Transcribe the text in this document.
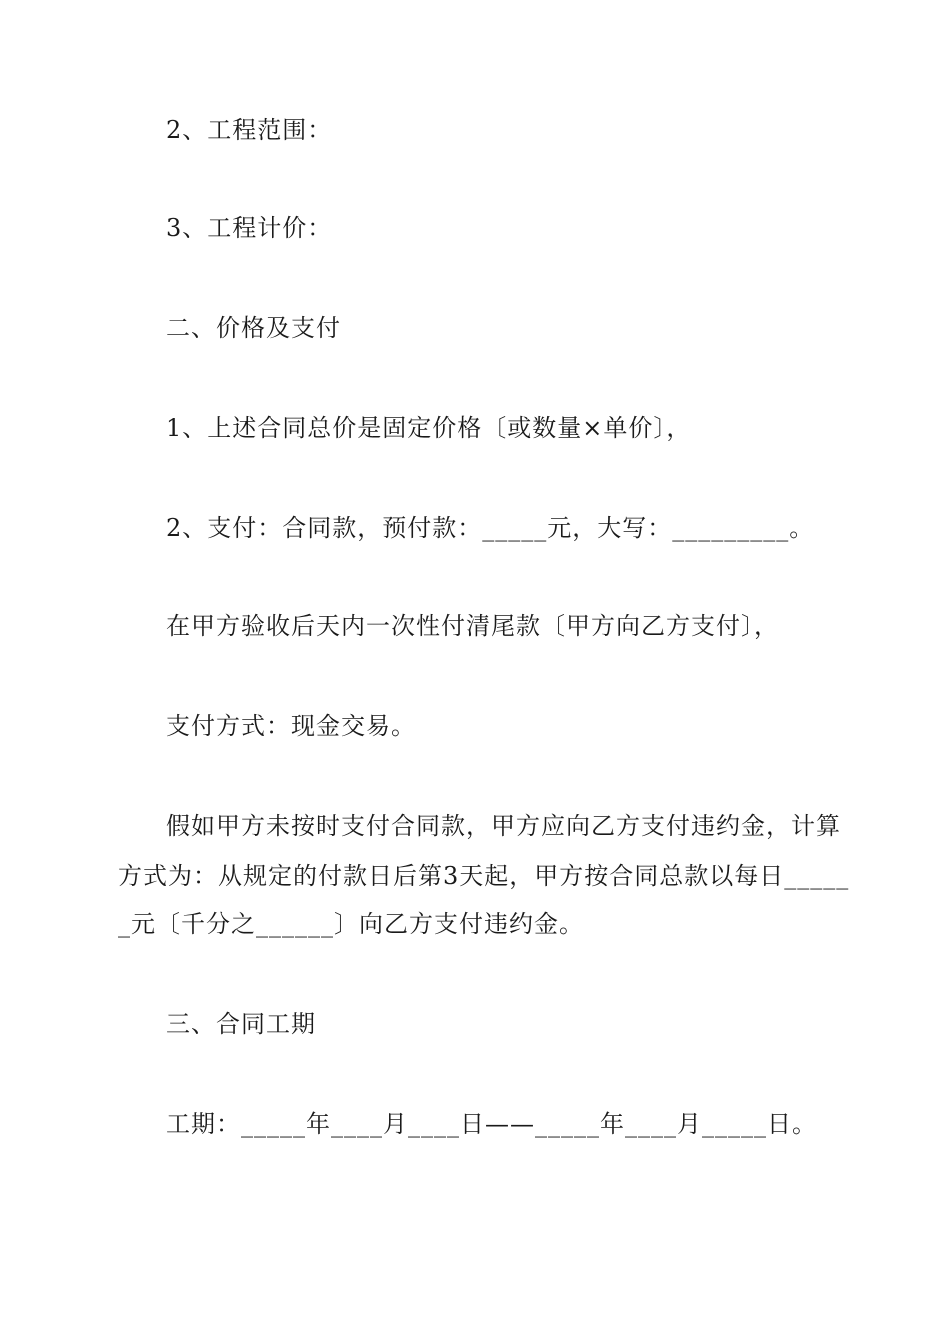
2、工程范围：
3、工程计价：
二、价格及支付
1、上述合同总价是固定价格〔或数量×单价〕，
2、支付：合同款，预付款：_____元，大写：_________。
在甲方验收后天内一次性付清尾款〔甲方向乙方支付〕，
支付方式：现金交易。
假如甲方未按时支付合同款，甲方应向乙方支付违约金，计算
方式为：从规定的付款日后第3天起，甲方按合同总款以每日_____
_元〔千分之______〕向乙方支付违约金。
三、合同工期
工期：_____年____月____日——_____年____月_____日。
